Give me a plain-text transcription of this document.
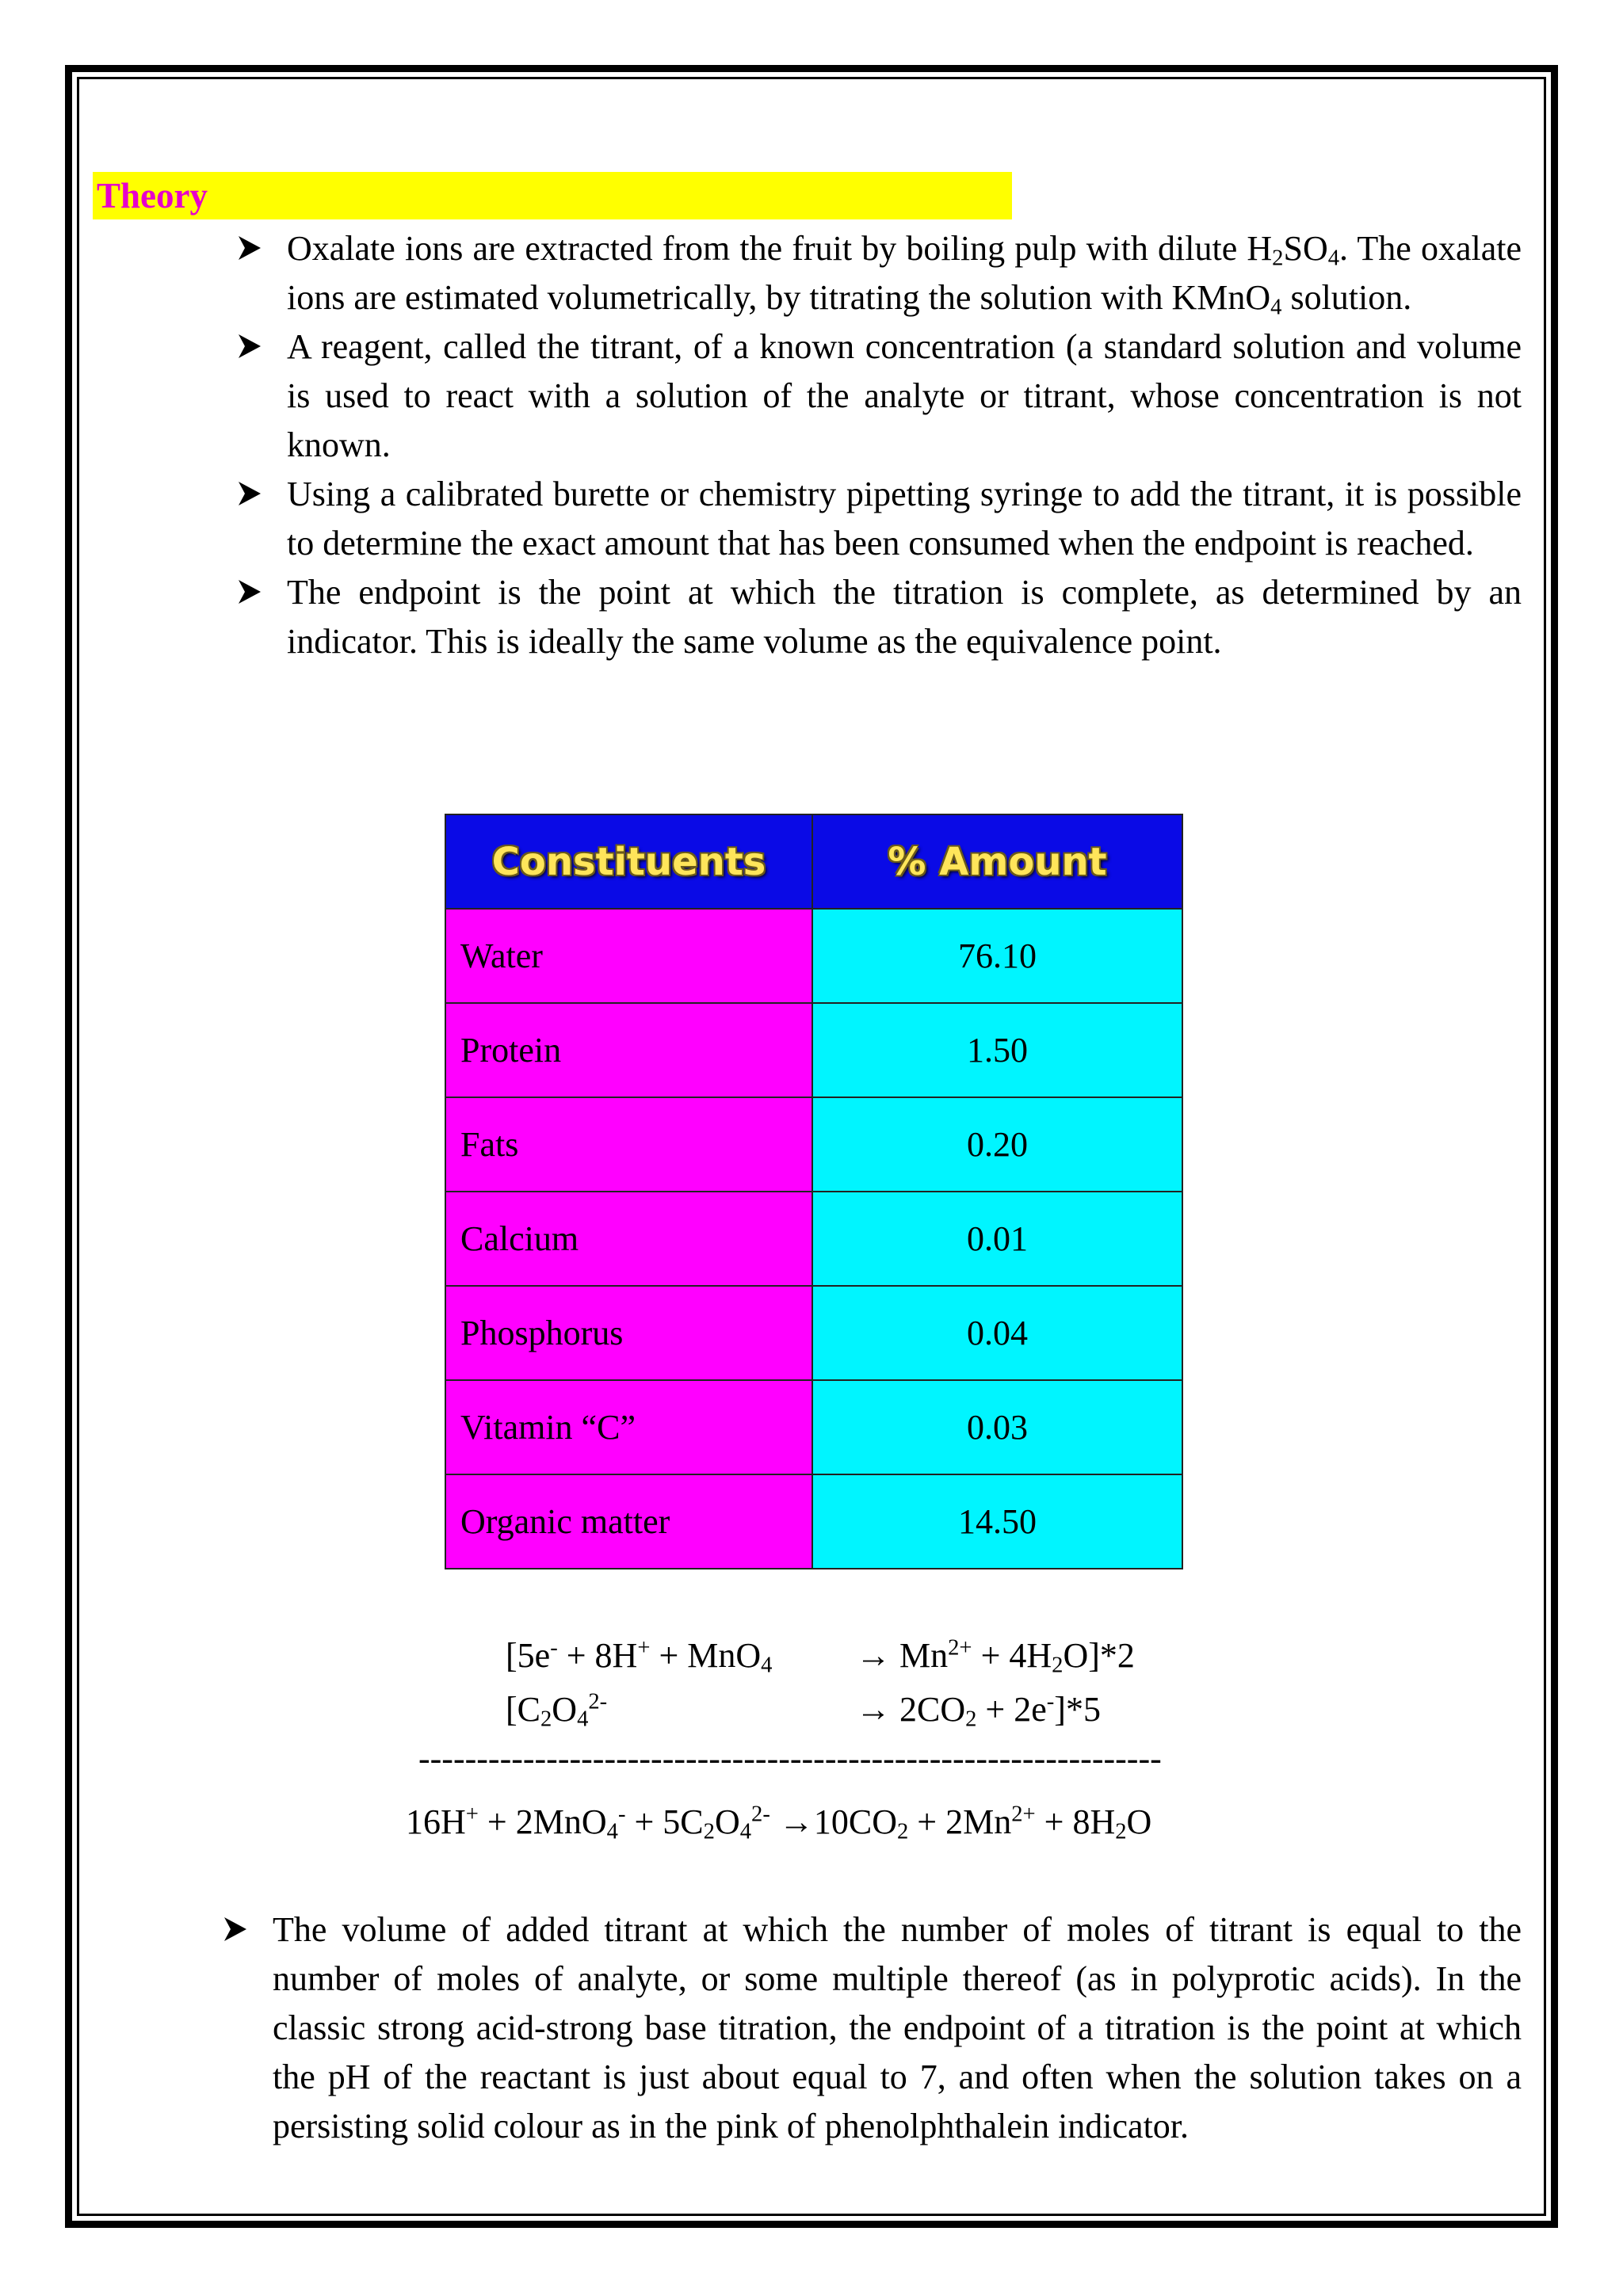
Theory
Oxalate ions are extracted from the fruit by boiling pulp with dilute $H_2SO_4$. The oxalate ions are estimated volumetrically, by titrating the solution with KMnO$_4$ solution.
A reagent, called the titrant, of a known concentration (a standard solution and volume is used to react with a solution of the analyte or titrant, whose concentration is not known.
Using a calibrated burette or chemistry pipetting syringe to add the titrant, it is possible to determine the exact amount that has been consumed when the endpoint is reached.
The endpoint is the point at which the titration is complete, as determined by an indicator. This is ideally the same volume as the equivalence point.
Constituents	% Amount
Water	76.10
Protein	1.50
Fats	0.20
Calcium	0.01
Phosphorus	0.04
Vitamin “C”	0.03
Organic matter	14.50
$[5e^- + 8H^+ + MnO_4 \to Mn^{2+} + 4H_2O]*2$
[$C_2O_4^{2-}$	→ $2CO_2 + 2e^-]*5$
----------------------------------------------------------------
$16H^+ + 2MnO_4^- + 5C_2O_4^{2-} \to 10CO_2 + 2Mn^{2+} + 8H_2O$
The volume of added titrant at which the number of moles of titrant is equal to the number of moles of analyte, or some multiple thereof (as in polyprotic acids). In the classic strong acid-strong base titration, the endpoint of a titration is the point at which the pH of the reactant is just about equal to 7, and often when the solution takes on a persisting solid colour as in the pink of phenolphthalein indicator.
